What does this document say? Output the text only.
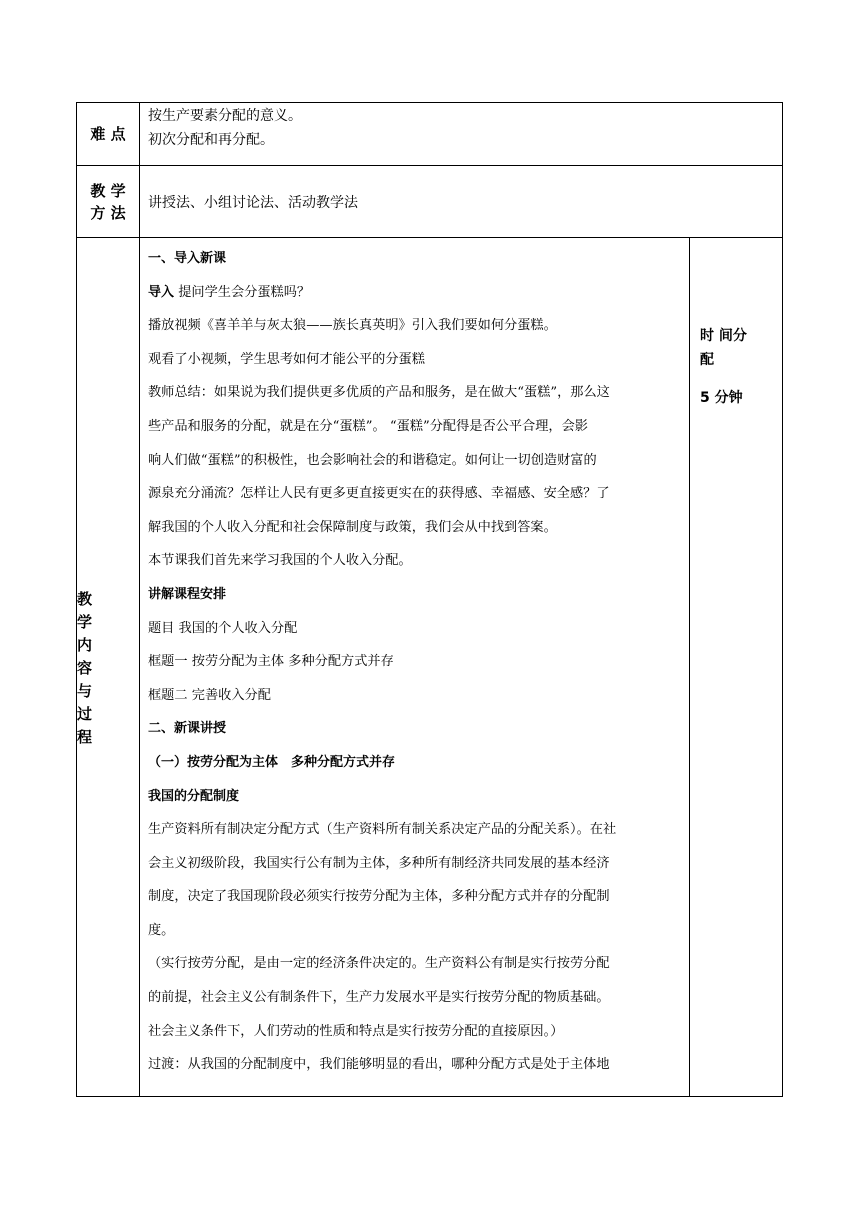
难 点
按生产要素分配的意义。
初次分配和再分配。
教 学
方 法
讲授法、小组讨论法、活动教学法
教
学
内
容
与
过
程

一、导入新课

导入 提问学生会分蛋糕吗？

播放视频《喜羊羊与灰太狼——族长真英明》引入我们要如何分蛋糕。

观看了小视频，学生思考如何才能公平的分蛋糕

教师总结：如果说为我们提供更多优质的产品和服务，是在做大“蛋糕”，那么这

些产品和服务的分配，就是在分“蛋糕”。 “蛋糕”分配得是否公平合理，会影

响人们做“蛋糕”的积极性，也会影响社会的和谐稳定。如何让一切创造财富的

源泉充分涌流？怎样让人民有更多更直接更实在的获得感、幸福感、安全感？了

解我国的个人收入分配和社会保障制度与政策，我们会从中找到答案。

本节课我们首先来学习我国的个人收入分配。

讲解课程安排

题目 我国的个人收入分配

框题一 按劳分配为主体 多种分配方式并存

框题二 完善收入分配

二、新课讲授

（一）按劳分配为主体　多种分配方式并存

我国的分配制度

生产资料所有制决定分配方式（生产资料所有制关系决定产品的分配关系）。在社

会主义初级阶段，我国实行公有制为主体，多种所有制经济共同发展的基本经济

制度，决定了我国现阶段必须实行按劳分配为主体，多种分配方式并存的分配制

度。

（实行按劳分配，是由一定的经济条件决定的。生产资料公有制是实行按劳分配

的前提，社会主义公有制条件下，生产力发展水平是实行按劳分配的物质基础。

社会主义条件下，人们劳动的性质和特点是实行按劳分配的直接原因。）

过渡：从我国的分配制度中，我们能够明显的看出，哪种分配方式是处于主体地

时 间分
配
5 分钟
